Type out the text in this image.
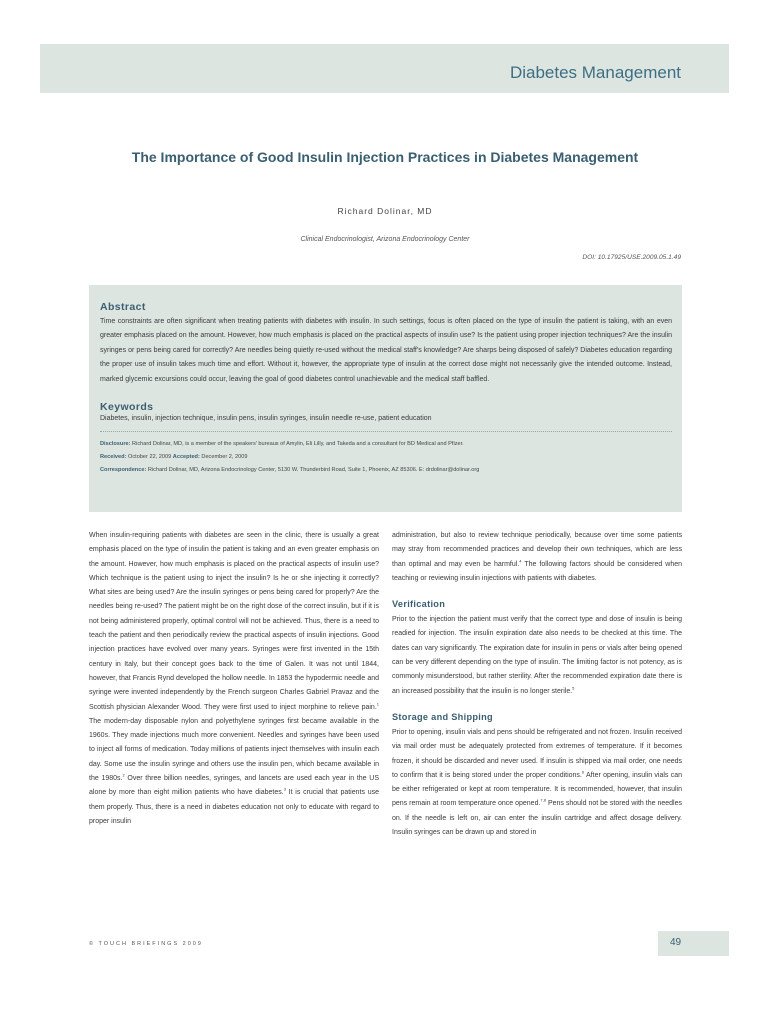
Diabetes Management
The Importance of Good Insulin Injection Practices in Diabetes Management
Richard Dolinar, MD
Clinical Endocrinologist, Arizona Endocrinology Center
DOI: 10.17925/USE.2009.05.1.49
Abstract

Time constraints are often significant when treating patients with diabetes with insulin. In such settings, focus is often placed on the type of insulin the patient is taking, with an even greater emphasis placed on the amount. However, how much emphasis is placed on the practical aspects of insulin use? Is the patient using proper injection techniques? Are the insulin syringes or pens being cared for correctly? Are needles being quietly re-used without the medical staff's knowledge? Are sharps being disposed of safely? Diabetes education regarding the proper use of insulin takes much time and effort. Without it, however, the appropriate type of insulin at the correct dose might not necessarily give the intended outcome. Instead, marked glycemic excursions could occur, leaving the goal of good diabetes control unachievable and the medical staff baffled.

Keywords

Diabetes, insulin, injection technique, insulin pens, insulin syringes, insulin needle re-use, patient education

Disclosure: Richard Dolinar, MD, is a member of the speakers' bureaus of Amylin, Eli Lilly, and Takeda and a consultant for BD Medical and Pfizer.
Received: October 22, 2009 Accepted: December 2, 2009
Correspondence: Richard Dolinar, MD, Arizona Endocrinology Center, 5130 W. Thunderbird Road, Suite 1, Phoenix, AZ 85306. E: drdolinar@dolinar.org

When insulin-requiring patients with diabetes are seen in the clinic, there is usually a great emphasis placed on the type of insulin the patient is taking and an even greater emphasis on the amount. However, how much emphasis is placed on the practical aspects of insulin use? Which technique is the patient using to inject the insulin? Is he or she injecting it correctly? What sites are being used? Are the insulin syringes or pens being cared for properly? Are the needles being re-used? The patient might be on the right dose of the correct insulin, but if it is not being administered properly, optimal control will not be achieved. Thus, there is a need to teach the patient and then periodically review the practical aspects of insulin injections. Good injection practices have evolved over many years. Syringes were first invented in the 15th century in Italy, but their concept goes back to the time of Galen. It was not until 1844, however, that Francis Rynd developed the hollow needle. In 1853 the hypodermic needle and syringe were invented independently by the French surgeon Charles Gabriel Pravaz and the Scottish physician Alexander Wood. They were first used to inject morphine to relieve pain.$^1$ The modern-day disposable nylon and polyethylene syringes first became available in the 1960s. They made injections much more convenient. Needles and syringes have been used to inject all forms of medication. Today millions of patients inject themselves with insulin each day. Some use the insulin syringe and others use the insulin pen, which became available in the 1980s.$^2$ Over three billion needles, syringes, and lancets are used each year in the US alone by more than eight million patients who have diabetes.$^3$ It is crucial that patients use them properly. Thus, there is a need in diabetes education not only to educate with regard to proper insulin

administration, but also to review technique periodically, because over time some patients may stray from recommended practices and develop their own techniques, which are less than optimal and may even be harmful.$^4$ The following factors should be considered when teaching or reviewing insulin injections with patients with diabetes.

Verification

Prior to the injection the patient must verify that the correct type and dose of insulin is being readied for injection. The insulin expiration date also needs to be checked at this time. The dates can vary significantly. The expiration date for insulin in pens or vials after being opened can be very different depending on the type of insulin. The limiting factor is not potency, as is commonly misunderstood, but rather sterility. After the recommended expiration date there is an increased possibility that the insulin is no longer sterile.$^5$

Storage and Shipping

Prior to opening, insulin vials and pens should be refrigerated and not frozen. Insulin received via mail order must be adequately protected from extremes of temperature. If it becomes frozen, it should be discarded and never used. If insulin is shipped via mail order, one needs to confirm that it is being stored under the proper conditions.$^6$ After opening, insulin vials can be either refrigerated or kept at room temperature. It is recommended, however, that insulin pens remain at room temperature once opened.$^{7,8}$ Pens should not be stored with the needles on. If the needle is left on, air can enter the insulin cartridge and affect dosage delivery. Insulin syringes can be drawn up and stored in

© TOUCH BRIEFINGS 2009	49
